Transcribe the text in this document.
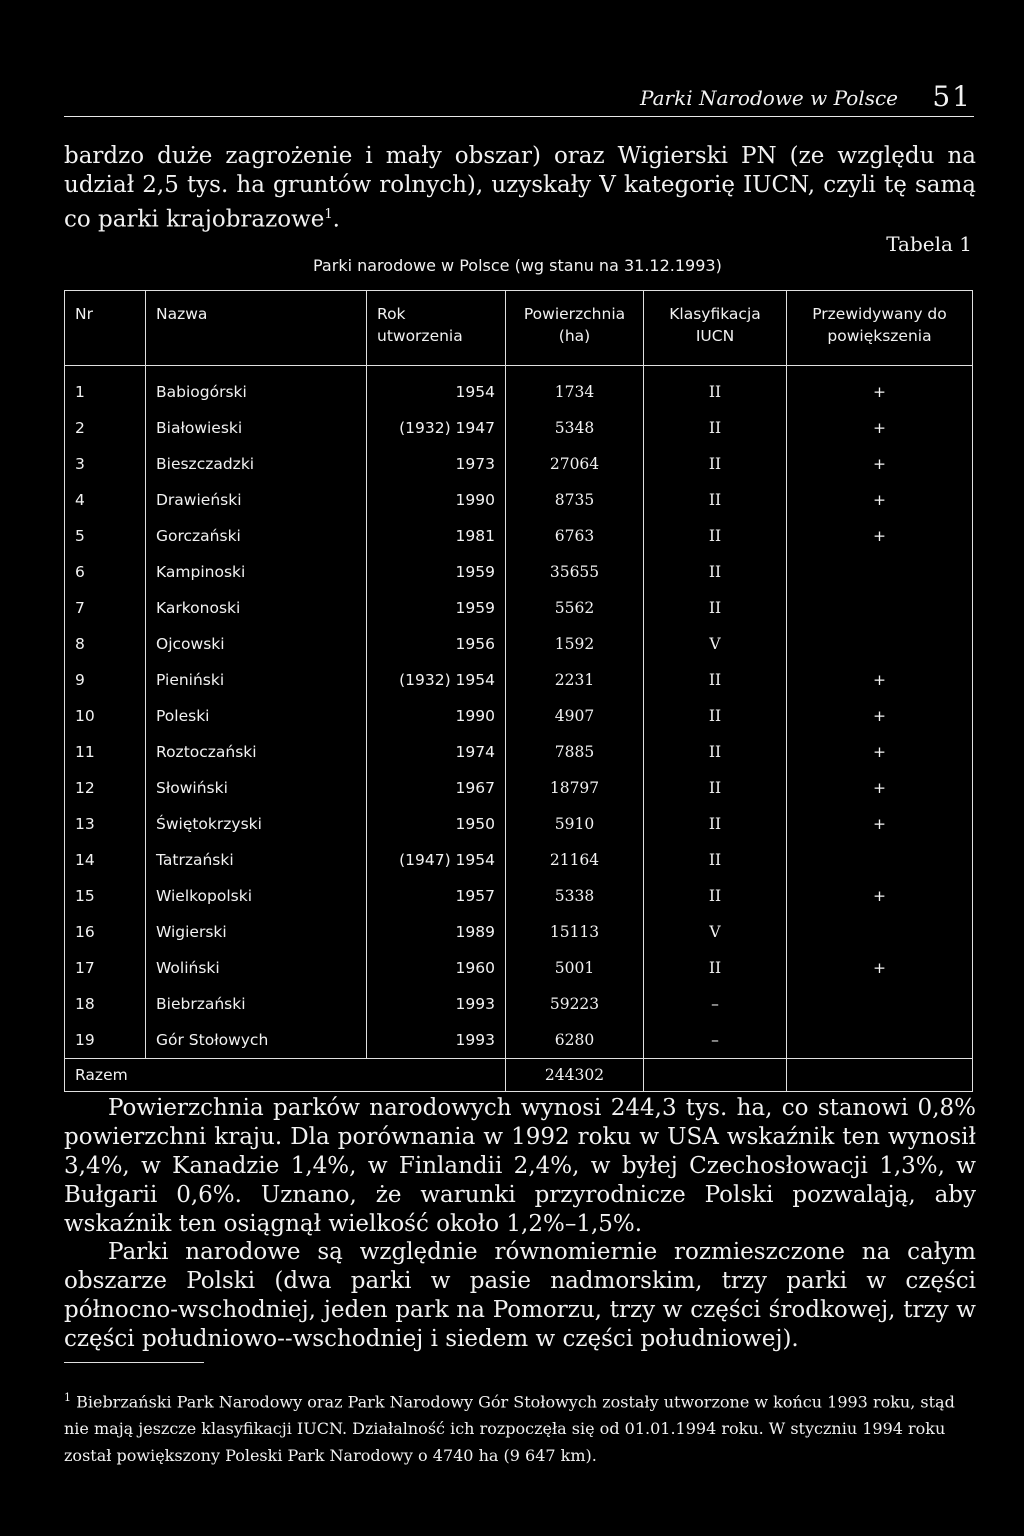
Parki Narodowe w Polsce 51

bardzo duże zagrożenie i mały obszar) oraz Wigierski PN (ze względu na udział 2,5 tys. ha gruntów rolnych), uzyskały V kategorię IUCN, czyli tę samą co parki krajobrazowe$^1$.

Tabela 1
Parki narodowe w Polsce (wg stanu na 31.12.1993)
Nr	Nazwa	Rok utworzenia	Powierzchnia (ha)	Klasyfikacja IUCN	Przewidywany do powiększenia
1	Babiogórski	1954	1734	II	+
2	Białowieski	(1932) 1947	5348	II	+
3	Bieszczadzki	1973	27064	II	+
4	Drawieński	1990	8735	II	+
5	Gorczański	1981	6763	II	+
6	Kampinoski	1959	35655	II	
7	Karkonoski	1959	5562	II	
8	Ojcowski	1956	1592	V	
9	Pieniński	(1932) 1954	2231	II	+
10	Poleski	1990	4907	II	+
11	Roztoczański	1974	7885	II	+
12	Słowiński	1967	18797	II	+
13	Świętokrzyski	1950	5910	II	+
14	Tatrzański	(1947) 1954	21164	II	
15	Wielkopolski	1957	5338	II	+
16	Wigierski	1989	15113	V	
17	Woliński	1960	5001	II	+
18	Biebrzański	1993	59223	–	
19	Gór Stołowych	1993	6280	–	
Razem			244302		

Powierzchnia parków narodowych wynosi 244,3 tys. ha, co stanowi 0,8% powierzchni kraju. Dla porównania w 1992 roku w USA wskaźnik ten wynosił 3,4%, w Kanadzie 1,4%, w Finlandii 2,4%, w byłej Czechosłowacji 1,3%, w Bułgarii 0,6%. Uznano, że warunki przyrodnicze Polski pozwalają, aby wskaźnik ten osiągnął wielkość około 1,2%–1,5%.

Parki narodowe są względnie równomiernie rozmieszczone na całym obszarze Polski (dwa parki w pasie nadmorskim, trzy parki w części północno-wschodniej, jeden park na Pomorzu, trzy w części środkowej, trzy w części południowo--wschodniej i siedem w części południowej).

$^1$ Biebrzański Park Narodowy oraz Park Narodowy Gór Stołowych zostały utworzone w końcu 1993 roku, stąd nie mają jeszcze klasyfikacji IUCN. Działalność ich rozpoczęła się od 01.01.1994 roku. W styczniu 1994 roku został powiększony Poleski Park Narodowy o 4740 ha (9 647 km).
